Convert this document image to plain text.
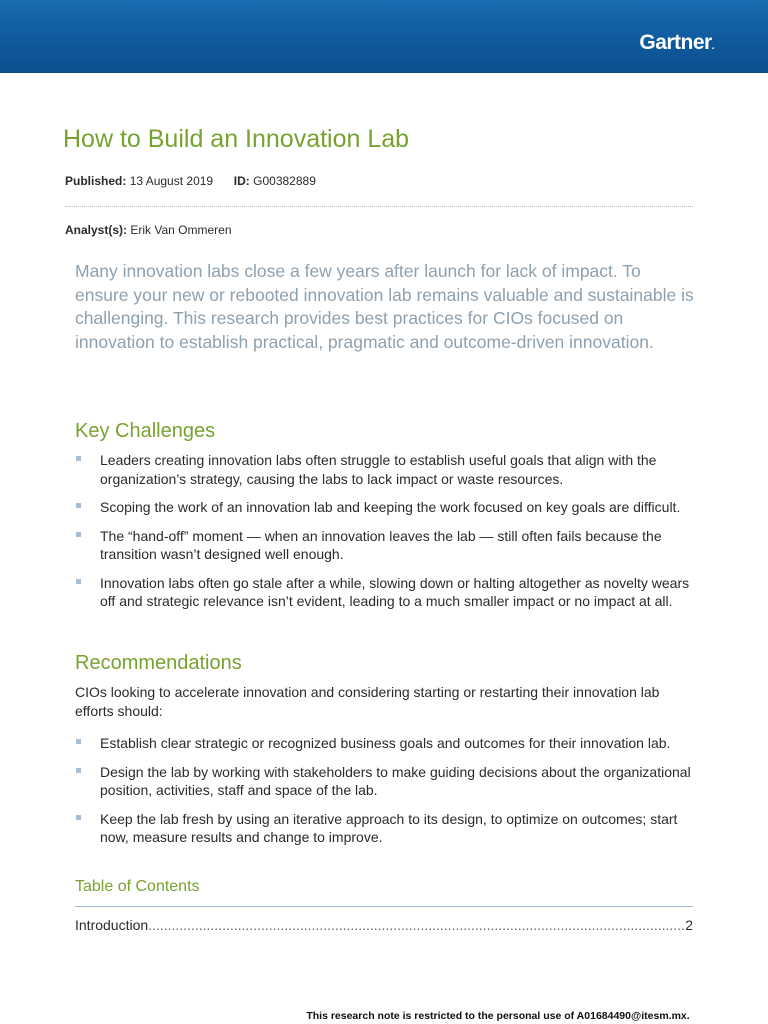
Gartner.
How to Build an Innovation Lab
Published: 13 August 2019 ID: G00382889
Analyst(s): Erik Van Ommeren
Many innovation labs close a few years after launch for lack of impact. To ensure your new or rebooted innovation lab remains valuable and sustainable is challenging. This research provides best practices for CIOs focused on innovation to establish practical, pragmatic and outcome-driven innovation.
Key Challenges
Leaders creating innovation labs often struggle to establish useful goals that align with the organization’s strategy, causing the labs to lack impact or waste resources.
Scoping the work of an innovation lab and keeping the work focused on key goals are difficult.
The “hand-off” moment — when an innovation leaves the lab — still often fails because the transition wasn’t designed well enough.
Innovation labs often go stale after a while, slowing down or halting altogether as novelty wears off and strategic relevance isn’t evident, leading to a much smaller impact or no impact at all.
Recommendations
CIOs looking to accelerate innovation and considering starting or restarting their innovation lab efforts should:
Establish clear strategic or recognized business goals and outcomes for their innovation lab.
Design the lab by working with stakeholders to make guiding decisions about the organizational position, activities, staff and space of the lab.
Keep the lab fresh by using an iterative approach to its design, to optimize on outcomes; start now, measure results and change to improve.
Table of Contents
Introduction
.....	2
This research note is restricted to the personal use of A01684490@itesm.mx.
